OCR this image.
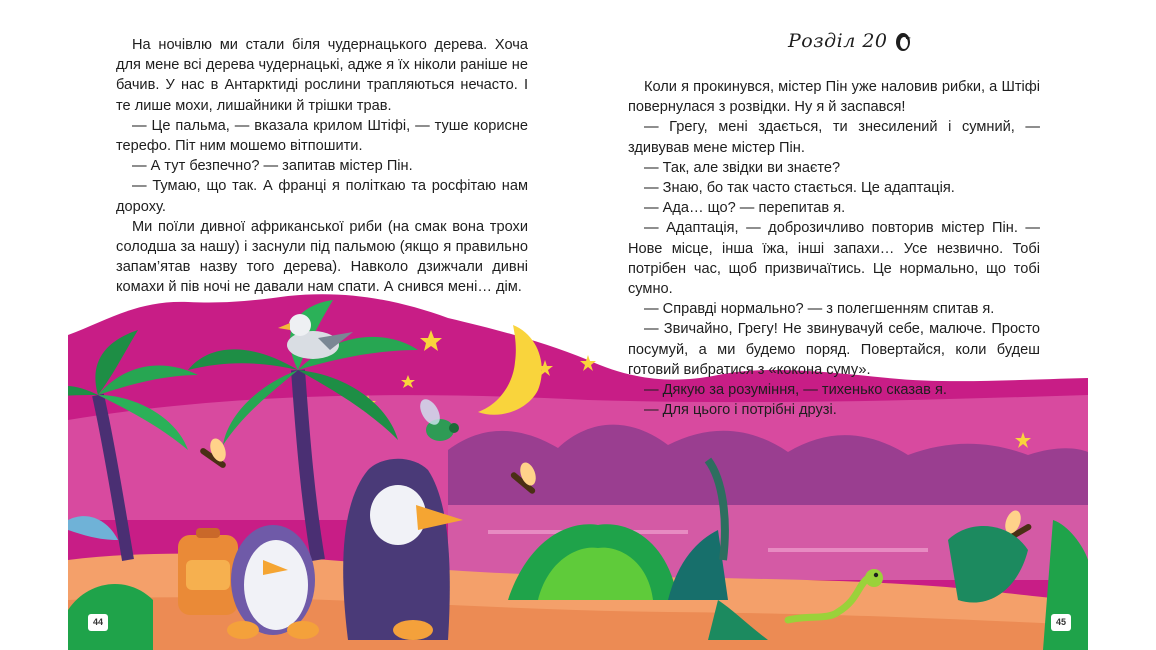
На ночівлю ми стали біля чудернацького дерева. Хоча для мене всі дерева чудернацькі, адже я їх ніколи раніше не бачив. У нас в Антарктиді рослини трапляються нечасто. І те лише мохи, лишайники й трішки трав.

— Це пальма, — вказала крилом Штіфі, — туше корисне терефо. Піт ним мошемо вітпошити.

— А тут безпечно? — запитав містер Пін.

— Тумаю, що так. А франці я політкаю та росфітаю нам дороху.

Ми поїли дивної африканської риби (на смак вона трохи солодша за нашу) і заснули під пальмою (якщо я правильно запам’ятав назву того дерева). Навколо дзижчали дивні комахи й пів ночі не давали нам спати. А снився мені… дім.

Розділ 20

Коли я прокинувся, містер Пін уже наловив рибки, а Штіфі повернулася з розвідки. Ну я й заспався!

— Грегу, мені здається, ти знесилений і сумний, — здивував мене містер Пін.

— Так, але звідки ви знаєте?

— Знаю, бо так часто стається. Це адаптація.

— Ада… що? — перепитав я.

— Адаптація, — доброзичливо повторив містер Пін. — Нове місце, інша їжа, інші запахи… Усе незвично. Тобі потрібен час, щоб призвичаїтись. Це нормально, що тобі сумно.

— Справді нормально? — з полегшенням спитав я.

— Звичайно, Грегу! Не звинувачуй себе, малюче. Просто посумуй, а ми будемо поряд. Повертайся, коли будеш готовий вибратися з «кокона суму».

— Дякую за розуміння, — тихенько сказав я.

— Для цього і потрібні друзі.

44	45
